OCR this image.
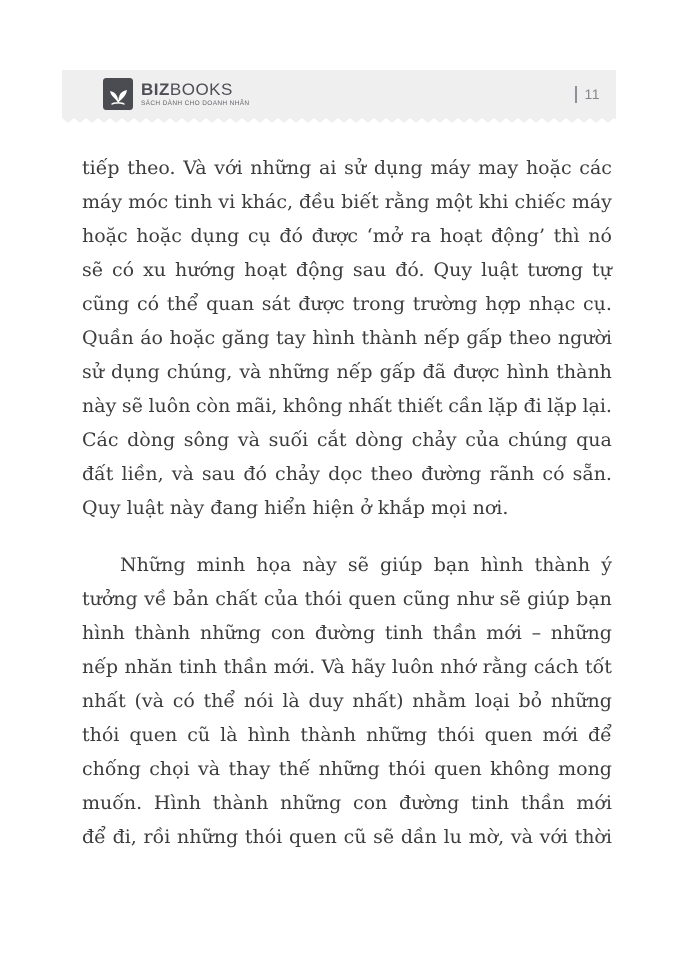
BIZBOOKS
SÁCH DÀNH CHO DOANH NHÂN
11
tiếp theo. Và với những ai sử dụng máy may hoặc các
máy móc tinh vi khác, đều biết rằng một khi chiếc máy
hoặc hoặc dụng cụ đó được ‘mở ra hoạt động’ thì nó
sẽ có xu hướng hoạt động sau đó. Quy luật tương tự
cũng có thể quan sát được trong trường hợp nhạc cụ.
Quần áo hoặc găng tay hình thành nếp gấp theo người
sử dụng chúng, và những nếp gấp đã được hình thành
này sẽ luôn còn mãi, không nhất thiết cần lặp đi lặp lại.
Các dòng sông và suối cắt dòng chảy của chúng qua
đất liền, và sau đó chảy dọc theo đường rãnh có sẵn.
Quy luật này đang hiển hiện ở khắp mọi nơi.
Những minh họa này sẽ giúp bạn hình thành ý
tưởng về bản chất của thói quen cũng như sẽ giúp bạn
hình thành những con đường tinh thần mới – những
nếp nhăn tinh thần mới. Và hãy luôn nhớ rằng cách tốt
nhất (và có thể nói là duy nhất) nhằm loại bỏ những
thói quen cũ là hình thành những thói quen mới để
chống chọi và thay thế những thói quen không mong
muốn. Hình thành những con đường tinh thần mới
để đi, rồi những thói quen cũ sẽ dần lu mờ, và với thời
